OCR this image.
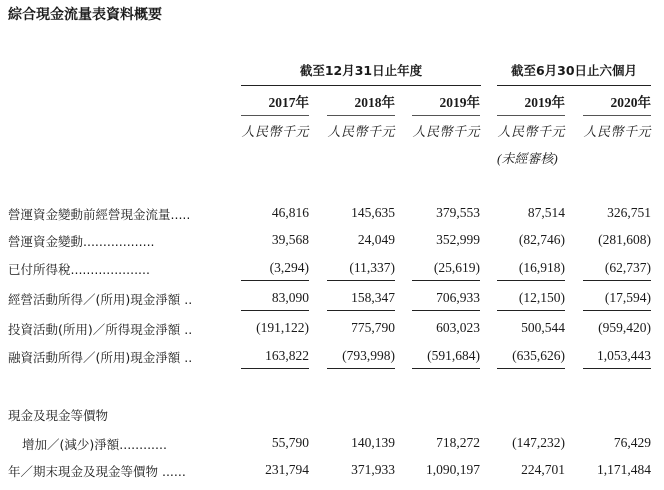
綜合現金流量表資料概要
截至12月31日止年度	截至6月30日止六個月
2017年	2018年	2019年	2019年	2020年
人民幣千元 人民幣千元 人民幣千元 人民幣千元 人民幣千元
(未經審核)
營運資金變動前經營現金流量.....	46,816	145,635	379,553	87,514	326,751
營運資金變動..................	39,568	24,049	352,999	(82,746)	(281,608)
已付所得稅....................	(3,294)	(11,337)	(25,619)	(16,918)	(62,737)
經營活動所得／(所用)現金淨額 ..	83,090	158,347	706,933	(12,150)	(17,594)
投資活動(所用)／所得現金淨額 ..	(191,122)	775,790	603,023	500,544	(959,420)
融資活動所得／(所用)現金淨額 ..	163,822	(793,998)	(591,684)	(635,626)	1,053,443
現金及現金等價物
增加／(減少)淨額............	55,790	140,139	718,272	(147,232)	76,429
年／期末現金及現金等價物 ......	231,794	371,933	1,090,197	224,701	1,171,484
